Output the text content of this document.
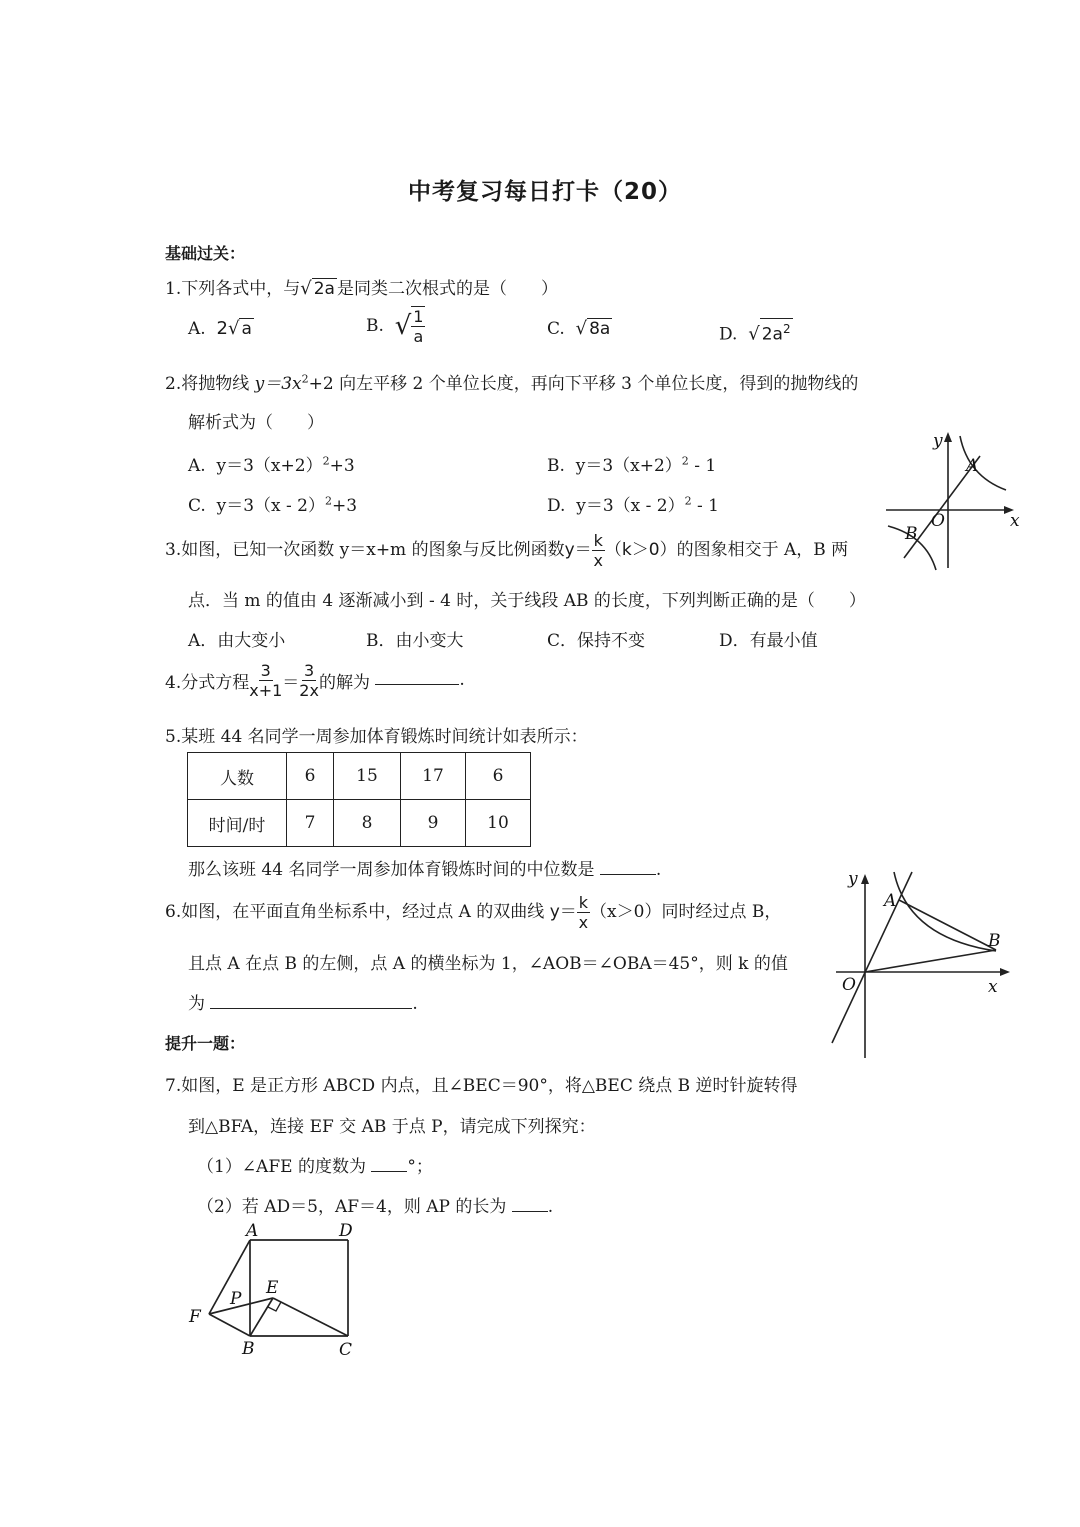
中考复习每日打卡（20）
基础过关：
1.下列各式中，与√ 2a 是同类二次根式的是（　　）
A. 2√ a	B. √ $\frac{1}{a}$	C. √ 8a	D. √ $2a^2$
2.将抛物线 $y=3x^2+2$ 向左平移 2 个单位长度，再向下平移 3 个单位长度，得到的抛物线的
解析式为（　　）
A. $y=3(x+2)^2+3$	B. $y=3(x+2)^2 - 1$
C. y＝3（x - 2）$^2$+3	D. y＝3（x - 2）$^2$ - 1
y
x
O
A
B
3.如图，已知一次函数 y＝x+m 的图象与反比例函数$y= \frac{k}{x} (k>0)$的图象相交于 A，B 两
点．当 m 的值由 4 逐渐减小到 - 4 时，关于线段 AB 的长度，下列判断正确的是（　　）
A．由大变小	B．由小变大	C．保持不变	D．有最小值
4.分式方程 $\frac{3}{x+1} = \frac{3}{2x}$ 的解为	.
5.某班 44 名同学一周参加体育锻炼时间统计如表所示：
人数	6	15	17	6
时间/时	7	8	9	10
那么该班 44 名同学一周参加体育锻炼时间的中位数是	.	y
x
O
A
B
6.如图，在平面直角坐标系中，经过点 A 的双曲线 $y= \frac{k}{x} (x>0)$同时经过点 B，
且点 A 在点 B 的左侧，点 A 的横坐标为 1，∠AOB＝∠OBA＝45°，则 k 的值
为	.
提升一题：
7.如图，E 是正方形 ABCD 内点，且∠BEC＝90°，将△BEC 绕点 B 逆时针旋转得
到△BFA，连接 EF 交 AB 于点 P，请完成下列探究：
（1）∠AFE 的度数为 °；
（2）若 AD＝5，AF＝4，则 AP 的长为 .
A	D
F
P
E
B	C
